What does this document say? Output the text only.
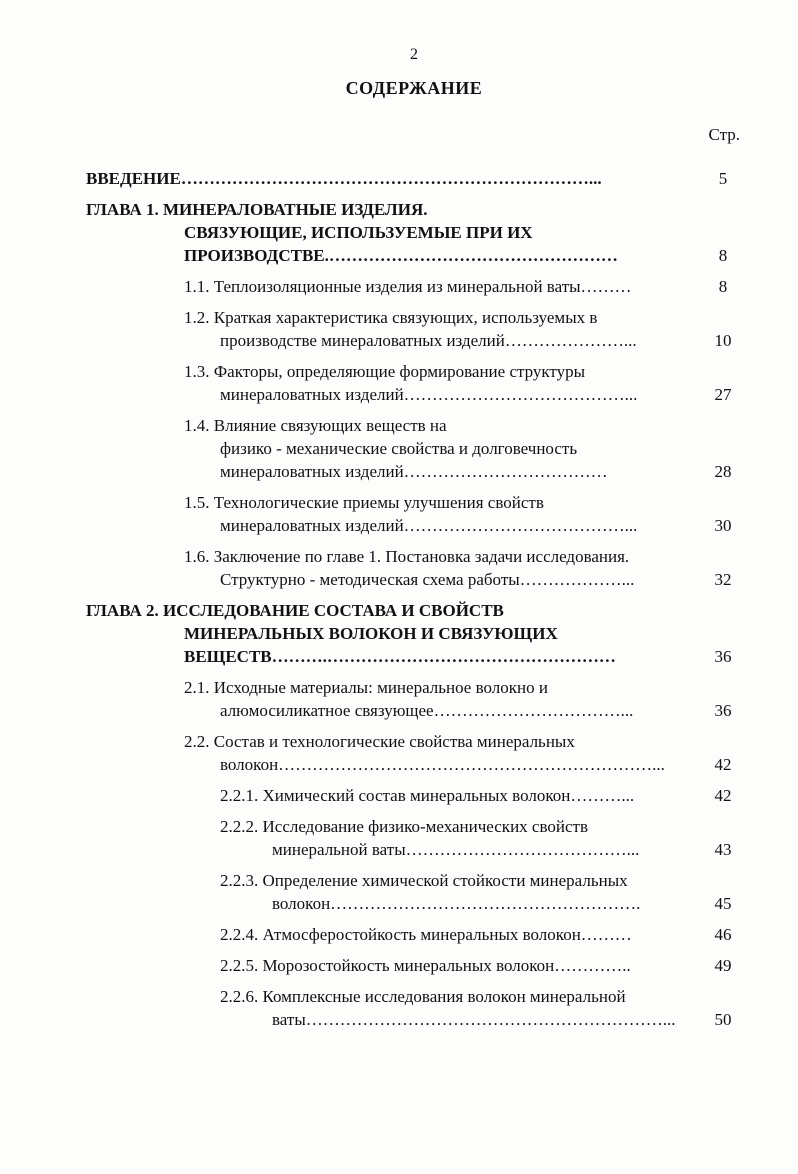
2
СОДЕРЖАНИЕ
Стр.
ВВЕДЕНИЕ………………………………………………………………...	5
ГЛАВА 1. МИНЕРАЛОВАТНЫЕ ИЗДЕЛИЯ.
СВЯЗУЮЩИЕ, ИСПОЛЬЗУЕМЫЕ ПРИ ИХ
ПРОИЗВОДСТВЕ.……………………………………………	8
1.1. Теплоизоляционные изделия из минеральной ваты………	8
1.2. Краткая характеристика связующих, используемых в
производстве минераловатных изделий…………………...	10
1.3. Факторы, определяющие формирование структуры
минераловатных изделий…………………………………...	27
1.4. Влияние связующих веществ на
физико - механические свойства и долговечность
минераловатных изделий………………………………	28
1.5. Технологические приемы улучшения свойств
минераловатных изделий…………………………………...	30
1.6. Заключение по главе 1. Постановка задачи исследования.
Структурно - методическая схема работы………………...	32
ГЛАВА 2. ИССЛЕДОВАНИЕ СОСТАВА И СВОЙСТВ
МИНЕРАЛЬНЫХ ВОЛОКОН И СВЯЗУЮЩИХ
ВЕЩЕСТВ……….……………………………………………	36
2.1. Исходные материалы: минеральное волокно и
алюмосиликатное связующее……………………………...	36
2.2. Состав и технологические свойства минеральных
волокон…………………………………………………………...	42
2.2.1. Химический состав минеральных волокон………...	42
2.2.2. Исследование физико-механических свойств
минеральной ваты…………………………………...	43
2.2.3. Определение химической стойкости минеральных
волокон……………………………………………….	45
2.2.4. Атмосферостойкость минеральных волокон………	46
2.2.5. Морозостойкость минеральных волокон…………..	49
2.2.6. Комплексные исследования волокон минеральной
ваты………………………………………………………...	50
